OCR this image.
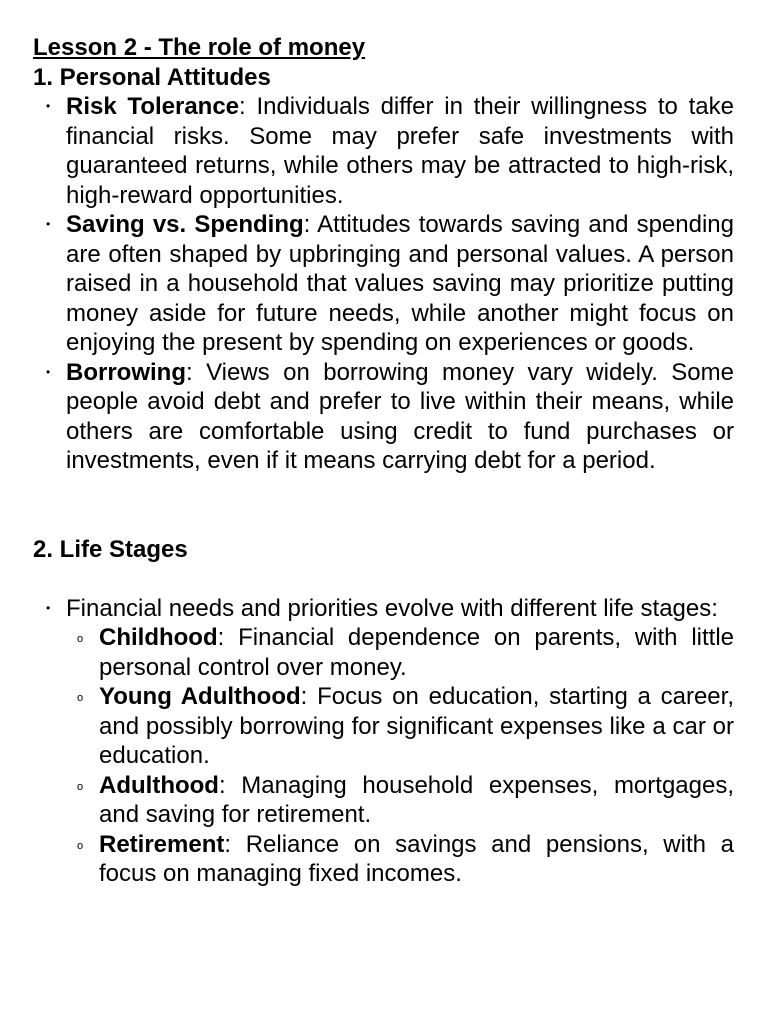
Lesson 2 - The role of money

1. Personal Attitudes

• Risk Tolerance: Individuals differ in their willingness to take financial risks. Some may prefer safe investments with guaranteed returns, while others may be attracted to high-risk, high-reward opportunities.
• Saving vs. Spending: Attitudes towards saving and spending are often shaped by upbringing and personal values. A person raised in a household that values saving may prioritize putting money aside for future needs, while another might focus on enjoying the present by spending on experiences or goods.
• Borrowing: Views on borrowing money vary widely. Some people avoid debt and prefer to live within their means, while others are comfortable using credit to fund purchases or investments, even if it means carrying debt for a period.

2. Life Stages

• Financial needs and priorities evolve with different life stages:
o Childhood: Financial dependence on parents, with little personal control over money.
o Young Adulthood: Focus on education, starting a career, and possibly borrowing for significant expenses like a car or education.
o Adulthood: Managing household expenses, mortgages, and saving for retirement.
o Retirement: Reliance on savings and pensions, with a focus on managing fixed incomes.
